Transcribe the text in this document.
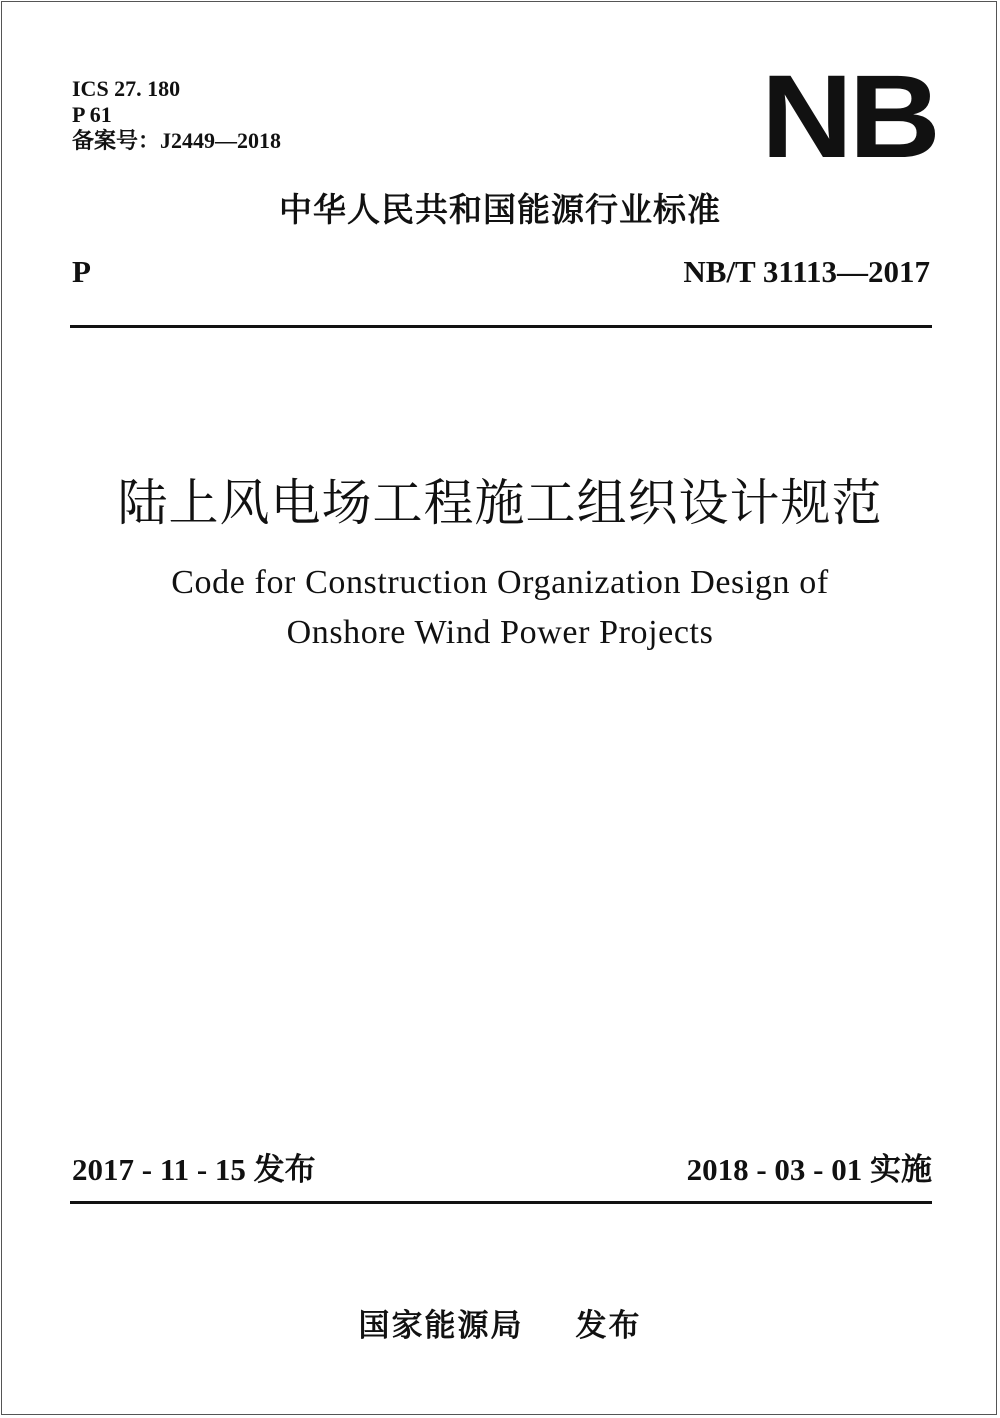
ICS 27. 180
P 61
备案号：J2449—2018	NB
中华人民共和国能源行业标准
P	NB/T 31113—2017
陆上风电场工程施工组织设计规范
Code for Construction Organization Design of
Onshore Wind Power Projects
2017 - 11 - 15 发布	2018 - 03 - 01 实施
国家能源局 发布
